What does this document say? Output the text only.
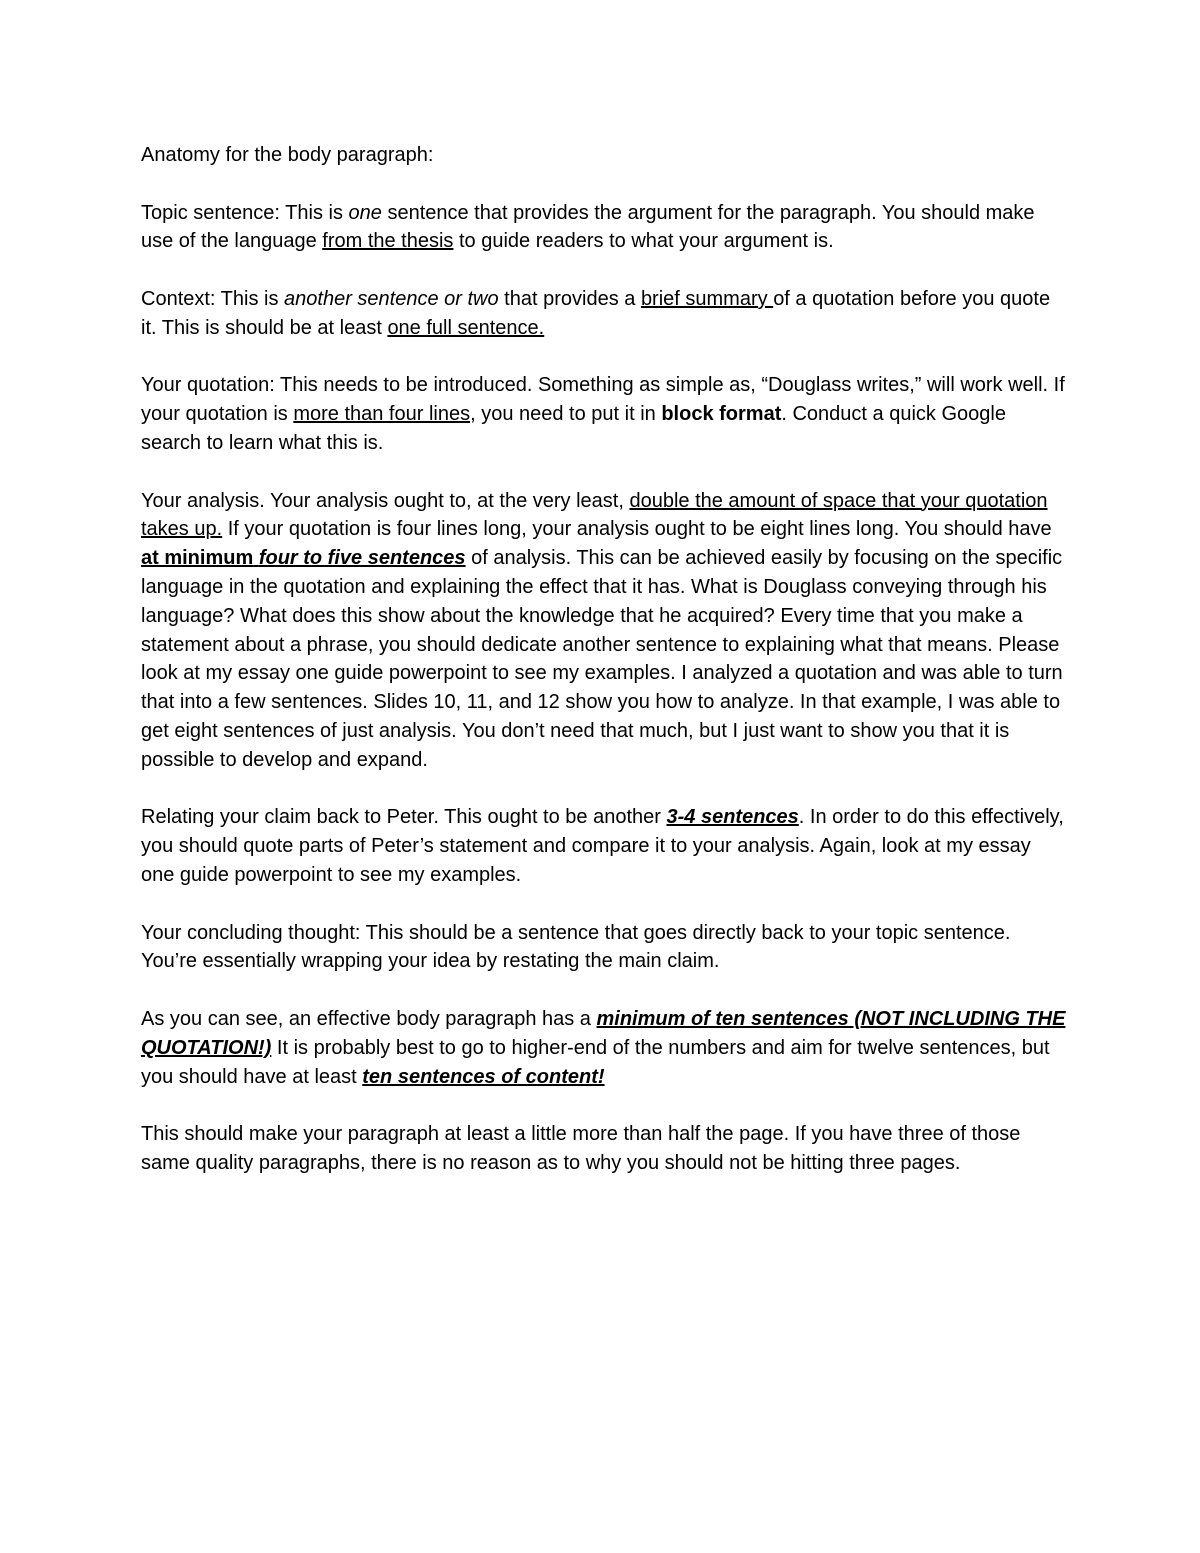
Anatomy for the body paragraph:

Topic sentence: This is one sentence that provides the argument for the paragraph. You should make use of the language from the thesis to guide readers to what your argument is.

Context: This is another sentence or two that provides a brief summary of a quotation before you quote it. This is should be at least one full sentence.

Your quotation: This needs to be introduced. Something as simple as, “Douglass writes,” will work well. If your quotation is more than four lines, you need to put it in block format. Conduct a quick Google search to learn what this is.

Your analysis. Your analysis ought to, at the very least, double the amount of space that your quotation takes up. If your quotation is four lines long, your analysis ought to be eight lines long. You should have at minimum four to five sentences of analysis. This can be achieved easily by focusing on the specific language in the quotation and explaining the effect that it has. What is Douglass conveying through his language? What does this show about the knowledge that he acquired? Every time that you make a statement about a phrase, you should dedicate another sentence to explaining what that means. Please look at my essay one guide powerpoint to see my examples. I analyzed a quotation and was able to turn that into a few sentences. Slides 10, 11, and 12 show you how to analyze. In that example, I was able to get eight sentences of just analysis. You don’t need that much, but I just want to show you that it is possible to develop and expand.

Relating your claim back to Peter. This ought to be another 3-4 sentences. In order to do this effectively, you should quote parts of Peter’s statement and compare it to your analysis. Again, look at my essay one guide powerpoint to see my examples.

Your concluding thought: This should be a sentence that goes directly back to your topic sentence. You’re essentially wrapping your idea by restating the main claim.

As you can see, an effective body paragraph has a minimum of ten sentences (NOT INCLUDING THE QUOTATION!) It is probably best to go to higher-end of the numbers and aim for twelve sentences, but you should have at least ten sentences of content!

This should make your paragraph at least a little more than half the page. If you have three of those same quality paragraphs, there is no reason as to why you should not be hitting three pages.
